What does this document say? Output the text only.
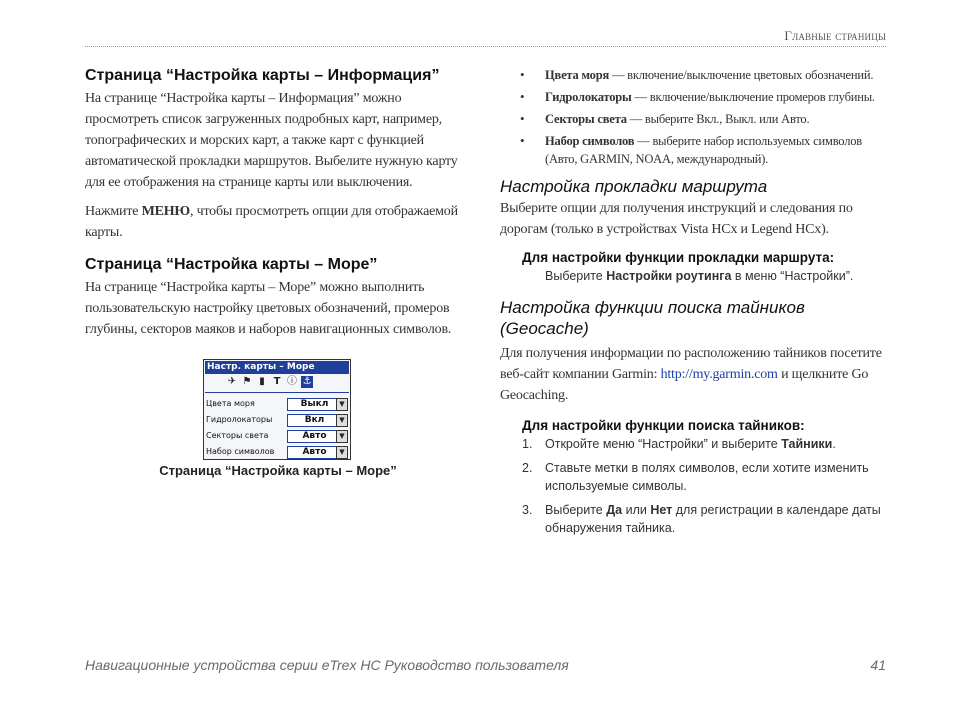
Главные страницы
Страница “Настройка карты – Информация”

На странице “Настройка карты – Информация” можно просмотреть список загруженных подробных карт, например, топографических и морских карт, а также карт с функцией автоматической прокладки маршрутов. Выбелите нужную карту для ее отображения на странице карты или выключения.

Нажмите МЕНЮ, чтобы просмотреть опции для отображаемой карты.

Страница “Настройка карты – Море”

На странице “Настройка карты – Море” можно выполнить пользовательскую настройку цветовых обозначений, промеров глубины, секторов маяков и наборов навигационных символов.

Настр. карты – Море
✈ ⚑ ▮ T ⓘ ⚓
Цвета моря	Выкл	▼
Гидролокаторы	Вкл	▼
Секторы света	Авто	▼
Набор символов	Авто	▼
Страница “Настройка карты – Море”
• Цвета моря — включение/выключение цветовых обозначений.
• Гидролокаторы — включение/выключение промеров глубины.
• Секторы света — выберите Вкл., Выкл. или Авто.
• Набор символов — выберите набор используемых символов (Авто, GARMIN, NOAA, международный).
Настройка прокладки маршрута

Выберите опции для получения инструкций и следования по дорогам (только в устройствах Vista HCx и Legend HCx).

Для настройки функции прокладки маршрута:
Выберите Настройки роутинга в меню “Настройки”.
Настройка функции поиска тайников (Geocache)

Для получения информации по расположению тайников посетите веб-сайт компании Garmin: http://my.garmin.com и щелкните Go Geocaching.

Для настройки функции поиска тайников:
1. Откройте меню “Настройки” и выберите Тайники.
2. Ставьте метки в полях символов, если хотите изменить используемые символы.
3. Выберите Да или Нет для регистрации в календаре даты обнаружения тайника.
Навигационные устройства серии eTrex HC Руководство пользователя	41
